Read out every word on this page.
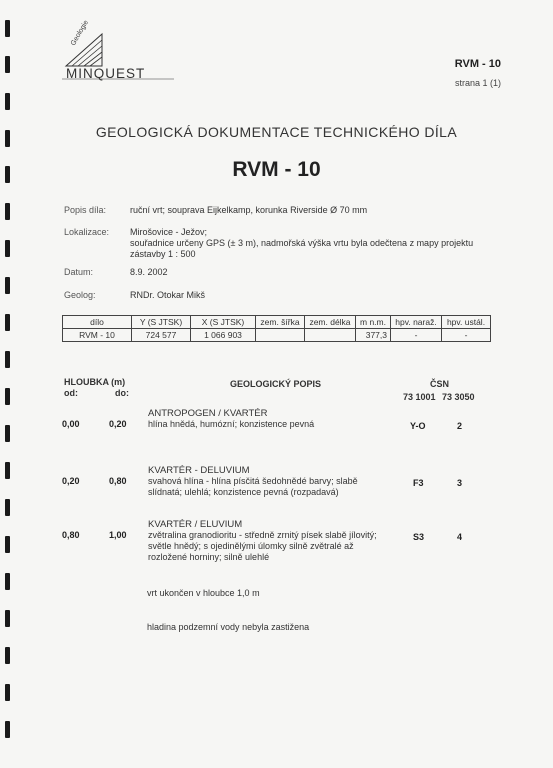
Geologie
MINQUEST
RVM - 10
strana 1 (1)
GEOLOGICKÁ DOKUMENTACE TECHNICKÉHO DÍLA
RVM - 10
Popis díla:	ruční vrt; souprava Eijkelkamp, korunka Riverside Ø 70 mm
Lokalizace: Mirošovice - Ježov;
souřadnice určeny GPS (± 3 m), nadmořská výška vrtu byla odečtena z mapy projektu
zástavby 1 : 500
Datum:	8.9. 2002
Geolog:	RNDr. Otokar Mikš
dílo	Y (S JTSK)	X (S JTSK)	zem. šířka	zem. délka	m n.m.	hpv. naraž.	hpv. ustál.
RVM - 10	724 577	1 066 903			377,3	-	-
HLOUBKA (m)
od:	do:
GEOLOGICKÝ POPIS	ČSN
73 1001 73 3050
0,00	0,20
ANTROPOGEN / KVARTÉR
hlína hnědá, humózní; konzistence pevná	Y-O	2
0,20	0,80
KVARTÉR - DELUVIUM
svahová hlína - hlína písčitá šedohnědé barvy; slabě
slídnatá; ulehlá; konzistence pevná (rozpadavá)
F3	3
0,80	1,00
KVARTÉR / ELUVIUM
zvětralina granodioritu - středně zrnitý písek slabě jílovitý;
světle hnědý; s ojedinělými úlomky silně zvětralé až
rozložené horniny; silně ulehlé
S3	4
vrt ukončen v hloubce 1,0 m
hladina podzemní vody nebyla zastižena
